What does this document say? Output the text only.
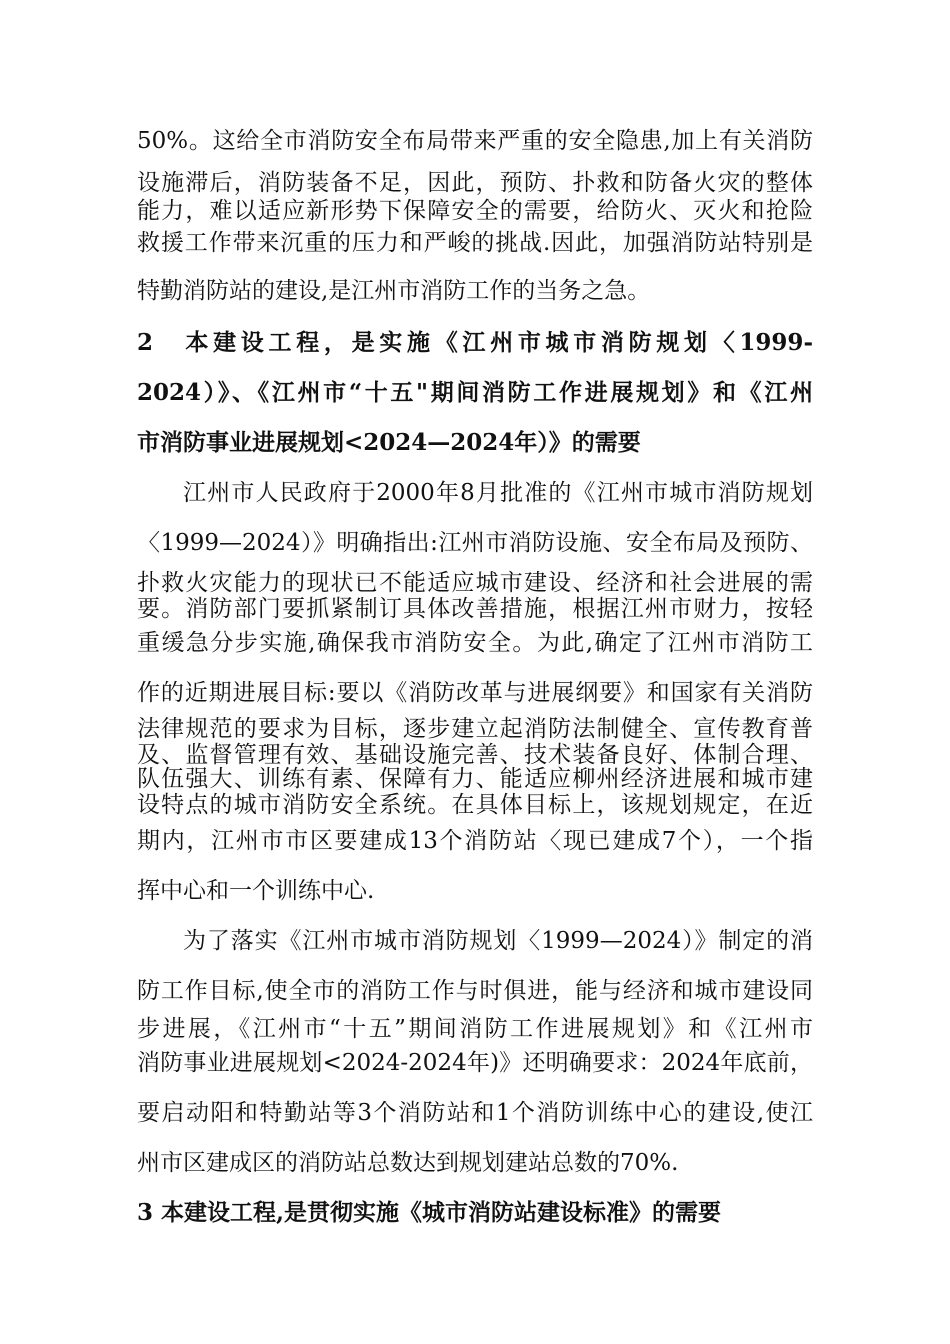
50%。这给全市消防安全布局带来严重的安全隐患,加上有关消防

设施滞后，消防装备不足，因此，预防、扑救和防备火灾的整体

能力，难以适应新形势下保障安全的需要，给防火、灭火和抢险

救援工作带来沉重的压力和严峻的挑战.因此，加强消防站特别是

特勤消防站的建设,是江州市消防工作的当务之急。

2　本建设工程，是实施《江州市城市消防规划〈1999-

2024）》、《江州市“十五"期间消防工作进展规划》和《江州

市消防事业进展规划<2024—2024年）》的需要

江州市人民政府于2000年8月批准的《江州市城市消防规划

〈1999—2024）》明确指出:江州市消防设施、安全布局及预防、

扑救火灾能力的现状已不能适应城市建设、经济和社会进展的需

要。消防部门要抓紧制订具体改善措施，根据江州市财力，按轻

重缓急分步实施,确保我市消防安全。为此,确定了江州市消防工

作的近期进展目标:要以《消防改革与进展纲要》和国家有关消防

法律规范的要求为目标，逐步建立起消防法制健全、宣传教育普

及、监督管理有效、基础设施完善、技术装备良好、体制合理、

队伍强大、训练有素、保障有力、能适应柳州经济进展和城市建

设特点的城市消防安全系统。在具体目标上，该规划规定，在近

期内，江州市市区要建成13个消防站〈现已建成7个），一个指

挥中心和一个训练中心.

为了落实《江州市城市消防规划〈1999—2024）》制定的消

防工作目标,使全市的消防工作与时俱进，能与经济和城市建设同

步进展，《江州市“十五”期间消防工作进展规划》和《江州市

消防事业进展规划<2024-2024年)》还明确要求：2024年底前，

要启动阳和特勤站等3个消防站和1个消防训练中心的建设,使江

州市区建成区的消防站总数达到规划建站总数的70%.

3 本建设工程,是贯彻实施《城市消防站建设标准》的需要
